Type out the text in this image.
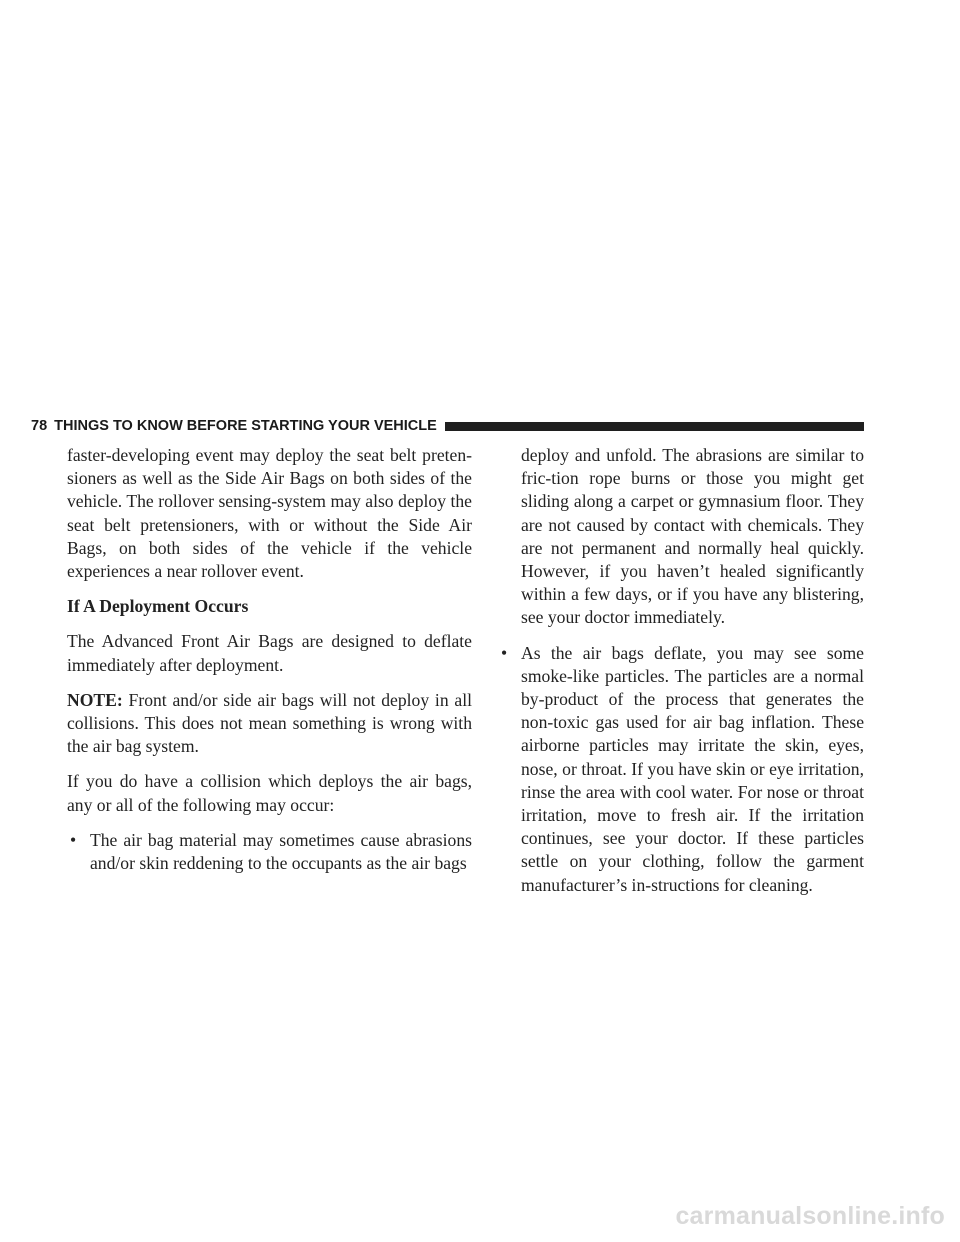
78 THINGS TO KNOW BEFORE STARTING YOUR VEHICLE

faster-developing event may deploy the seat belt preten-sioners as well as the Side Air Bags on both sides of the vehicle. The rollover sensing-system may also deploy the seat belt pretensioners, with or without the Side Air Bags, on both sides of the vehicle if the vehicle experiences a near rollover event.

If A Deployment Occurs

The Advanced Front Air Bags are designed to deflate immediately after deployment.

NOTE: Front and/or side air bags will not deploy in all collisions. This does not mean something is wrong with the air bag system.

If you do have a collision which deploys the air bags, any or all of the following may occur:

• The air bag material may sometimes cause abrasions and/or skin reddening to the occupants as the air bags

deploy and unfold. The abrasions are similar to fric-tion rope burns or those you might get sliding along a carpet or gymnasium floor. They are not caused by contact with chemicals. They are not permanent and normally heal quickly. However, if you haven’t healed significantly within a few days, or if you have any blistering, see your doctor immediately.

• As the air bags deflate, you may see some smoke-like particles. The particles are a normal by-product of the process that generates the non-toxic gas used for air bag inflation. These airborne particles may irritate the skin, eyes, nose, or throat. If you have skin or eye irritation, rinse the area with cool water. For nose or throat irritation, move to fresh air. If the irritation continues, see your doctor. If these particles settle on your clothing, follow the garment manufacturer’s in-structions for cleaning.

carmanualsonline.info
